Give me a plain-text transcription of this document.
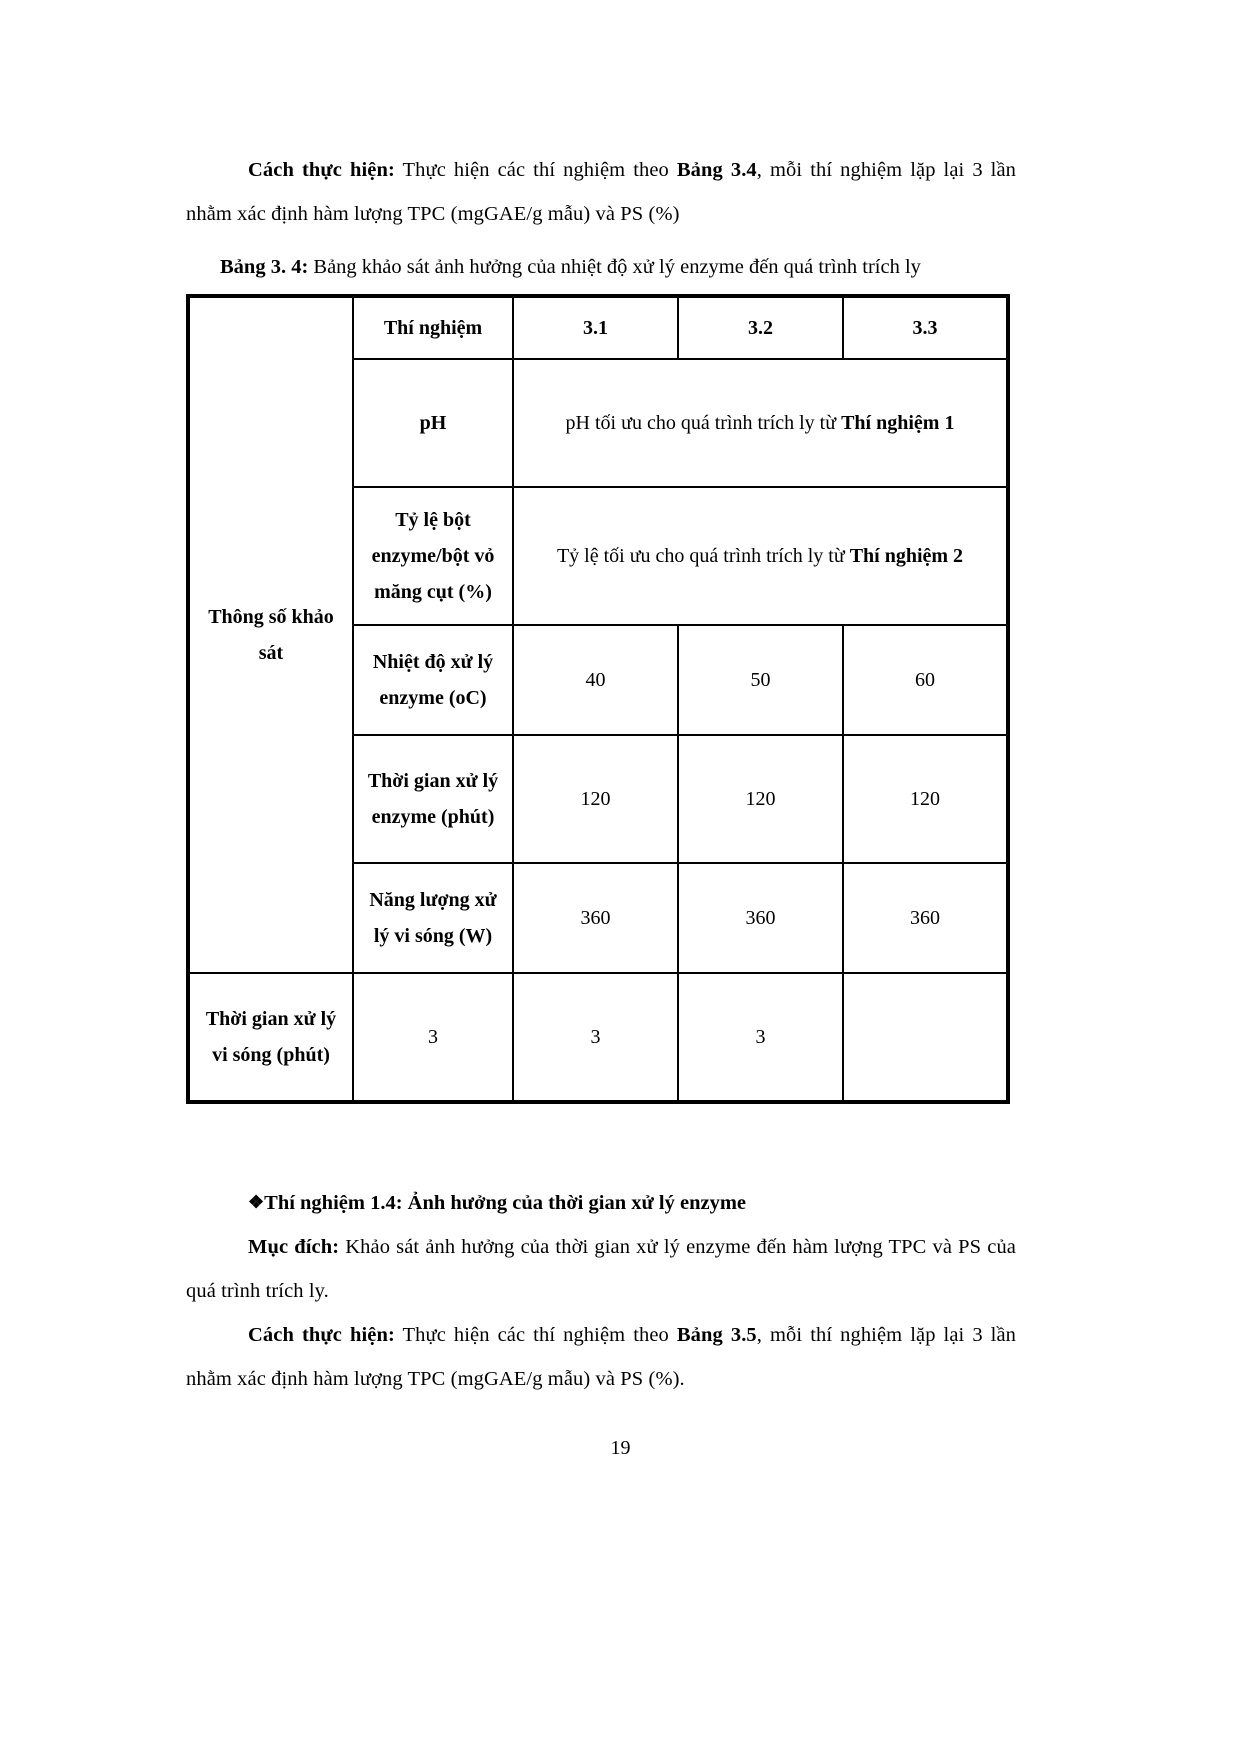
Cách thực hiện: Thực hiện các thí nghiệm theo Bảng 3.4, mỗi thí nghiệm lặp lại 3 lần nhằm xác định hàm lượng TPC (mgGAE/g mẫu) và PS (%)

Bảng 3. 4: Bảng khảo sát ảnh hưởng của nhiệt độ xử lý enzyme đến quá trình trích ly

Thông số khảo sát	Thí nghiệm	3.1	3.2	3.3
	pH	pH tối ưu cho quá trình trích ly từ Thí nghiệm 1		
	Tỷ lệ bột enzyme/bột vỏ măng cụt (%)	Tỷ lệ tối ưu cho quá trình trích ly từ Thí nghiệm 2		
	Nhiệt độ xử lý enzyme (oC)	40	50	60
	Thời gian xử lý enzyme (phút)	120	120	120
	Năng lượng xử lý vi sóng (W)	360	360	360
Thời gian xử lý vi sóng (phút)	3	3	3	

❖Thí nghiệm 1.4: Ảnh hưởng của thời gian xử lý enzyme

Mục đích: Khảo sát ảnh hưởng của thời gian xử lý enzyme đến hàm lượng TPC và PS của quá trình trích ly.

Cách thực hiện: Thực hiện các thí nghiệm theo Bảng 3.5, mỗi thí nghiệm lặp lại 3 lần nhằm xác định hàm lượng TPC (mgGAE/g mẫu) và PS (%).

19
